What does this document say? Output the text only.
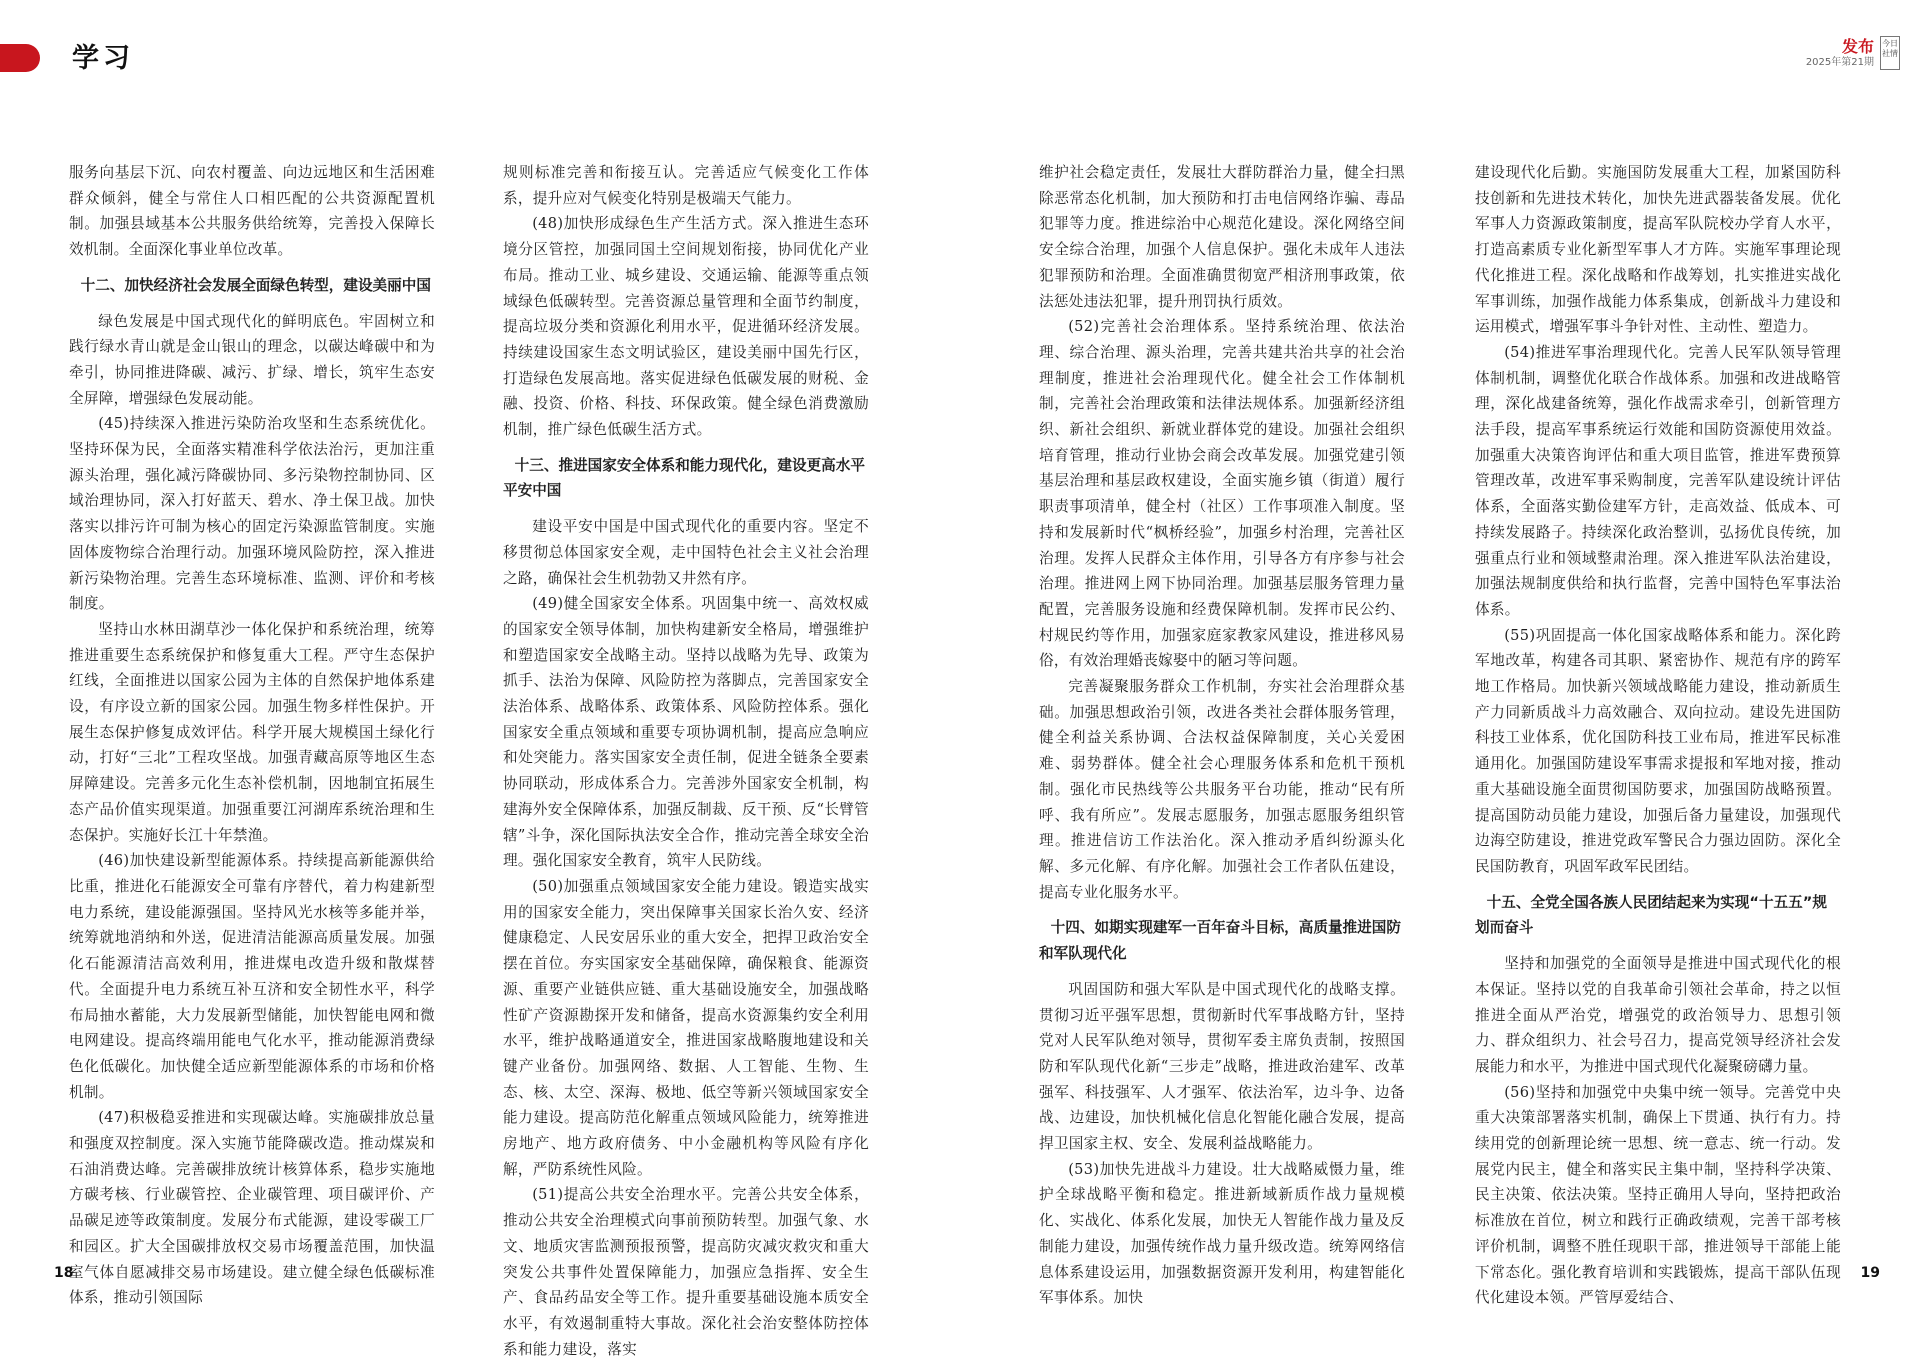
学习	发布
2025年第21期
今日社情

服务向基层下沉、向农村覆盖、向边远地区和生活困难群众倾斜，健全与常住人口相匹配的公共资源配置机制。加强县域基本公共服务供给统筹，完善投入保障长效机制。全面深化事业单位改革。

十二、加快经济社会发展全面绿色转型，建设美丽中国

绿色发展是中国式现代化的鲜明底色。牢固树立和践行绿水青山就是金山银山的理念，以碳达峰碳中和为牵引，协同推进降碳、减污、扩绿、增长，筑牢生态安全屏障，增强绿色发展动能。

(45)持续深入推进污染防治攻坚和生态系统优化。坚持环保为民，全面落实精准科学依法治污，更加注重源头治理，强化减污降碳协同、多污染物控制协同、区域治理协同，深入打好蓝天、碧水、净土保卫战。加快落实以排污许可制为核心的固定污染源监管制度。实施固体废物综合治理行动。加强环境风险防控，深入推进新污染物治理。完善生态环境标准、监测、评价和考核制度。

坚持山水林田湖草沙一体化保护和系统治理，统筹推进重要生态系统保护和修复重大工程。严守生态保护红线，全面推进以国家公园为主体的自然保护地体系建设，有序设立新的国家公园。加强生物多样性保护。开展生态保护修复成效评估。科学开展大规模国土绿化行动，打好“三北”工程攻坚战。加强青藏高原等地区生态屏障建设。完善多元化生态补偿机制，因地制宜拓展生态产品价值实现渠道。加强重要江河湖库系统治理和生态保护。实施好长江十年禁渔。

(46)加快建设新型能源体系。持续提高新能源供给比重，推进化石能源安全可靠有序替代，着力构建新型电力系统，建设能源强国。坚持风光水核等多能并举，统筹就地消纳和外送，促进清洁能源高质量发展。加强化石能源清洁高效利用，推进煤电改造升级和散煤替代。全面提升电力系统互补互济和安全韧性水平，科学布局抽水蓄能，大力发展新型储能，加快智能电网和微电网建设。提高终端用能电气化水平，推动能源消费绿色化低碳化。加快健全适应新型能源体系的市场和价格机制。

(47)积极稳妥推进和实现碳达峰。实施碳排放总量和强度双控制度。深入实施节能降碳改造。推动煤炭和石油消费达峰。完善碳排放统计核算体系，稳步实施地方碳考核、行业碳管控、企业碳管理、项目碳评价、产品碳足迹等政策制度。发展分布式能源，建设零碳工厂和园区。扩大全国碳排放权交易市场覆盖范围，加快温室气体自愿减排交易市场建设。建立健全绿色低碳标准体系，推动引领国际

规则标准完善和衔接互认。完善适应气候变化工作体系，提升应对气候变化特别是极端天气能力。

(48)加快形成绿色生产生活方式。深入推进生态环境分区管控，加强同国土空间规划衔接，协同优化产业布局。推动工业、城乡建设、交通运输、能源等重点领域绿色低碳转型。完善资源总量管理和全面节约制度，提高垃圾分类和资源化利用水平，促进循环经济发展。持续建设国家生态文明试验区，建设美丽中国先行区，打造绿色发展高地。落实促进绿色低碳发展的财税、金融、投资、价格、科技、环保政策。健全绿色消费激励机制，推广绿色低碳生活方式。

十三、推进国家安全体系和能力现代化，建设更高水平平安中国

建设平安中国是中国式现代化的重要内容。坚定不移贯彻总体国家安全观，走中国特色社会主义社会治理之路，确保社会生机勃勃又井然有序。

(49)健全国家安全体系。巩固集中统一、高效权威的国家安全领导体制，加快构建新安全格局，增强维护和塑造国家安全战略主动。坚持以战略为先导、政策为抓手、法治为保障、风险防控为落脚点，完善国家安全法治体系、战略体系、政策体系、风险防控体系。强化国家安全重点领域和重要专项协调机制，提高应急响应和处突能力。落实国家安全责任制，促进全链条全要素协同联动，形成体系合力。完善涉外国家安全机制，构建海外安全保障体系，加强反制裁、反干预、反“长臂管辖”斗争，深化国际执法安全合作，推动完善全球安全治理。强化国家安全教育，筑牢人民防线。

(50)加强重点领域国家安全能力建设。锻造实战实用的国家安全能力，突出保障事关国家长治久安、经济健康稳定、人民安居乐业的重大安全，把捍卫政治安全摆在首位。夯实国家安全基础保障，确保粮食、能源资源、重要产业链供应链、重大基础设施安全，加强战略性矿产资源勘探开发和储备，提高水资源集约安全利用水平，维护战略通道安全，推进国家战略腹地建设和关键产业备份。加强网络、数据、人工智能、生物、生态、核、太空、深海、极地、低空等新兴领域国家安全能力建设。提高防范化解重点领域风险能力，统筹推进房地产、地方政府债务、中小金融机构等风险有序化解，严防系统性风险。

(51)提高公共安全治理水平。完善公共安全体系，推动公共安全治理模式向事前预防转型。加强气象、水文、地质灾害监测预报预警，提高防灾减灾救灾和重大突发公共事件处置保障能力，加强应急指挥、安全生产、食品药品安全等工作。提升重要基础设施本质安全水平，有效遏制重特大事故。深化社会治安整体防控体系和能力建设，落实

维护社会稳定责任，发展壮大群防群治力量，健全扫黑除恶常态化机制，加大预防和打击电信网络诈骗、毒品犯罪等力度。推进综治中心规范化建设。深化网络空间安全综合治理，加强个人信息保护。强化未成年人违法犯罪预防和治理。全面准确贯彻宽严相济刑事政策，依法惩处违法犯罪，提升刑罚执行质效。

(52)完善社会治理体系。坚持系统治理、依法治理、综合治理、源头治理，完善共建共治共享的社会治理制度，推进社会治理现代化。健全社会工作体制机制，完善社会治理政策和法律法规体系。加强新经济组织、新社会组织、新就业群体党的建设。加强社会组织培育管理，推动行业协会商会改革发展。加强党建引领基层治理和基层政权建设，全面实施乡镇（街道）履行职责事项清单，健全村（社区）工作事项准入制度。坚持和发展新时代“枫桥经验”，加强乡村治理，完善社区治理。发挥人民群众主体作用，引导各方有序参与社会治理。推进网上网下协同治理。加强基层服务管理力量配置，完善服务设施和经费保障机制。发挥市民公约、村规民约等作用，加强家庭家教家风建设，推进移风易俗，有效治理婚丧嫁娶中的陋习等问题。

完善凝聚服务群众工作机制，夯实社会治理群众基础。加强思想政治引领，改进各类社会群体服务管理，健全利益关系协调、合法权益保障制度，关心关爱困难、弱势群体。健全社会心理服务体系和危机干预机制。强化市民热线等公共服务平台功能，推动“民有所呼、我有所应”。发展志愿服务，加强志愿服务组织管理。推进信访工作法治化。深入推动矛盾纠纷源头化解、多元化解、有序化解。加强社会工作者队伍建设，提高专业化服务水平。

十四、如期实现建军一百年奋斗目标，高质量推进国防和军队现代化

巩固国防和强大军队是中国式现代化的战略支撑。贯彻习近平强军思想，贯彻新时代军事战略方针，坚持党对人民军队绝对领导，贯彻军委主席负责制，按照国防和军队现代化新“三步走”战略，推进政治建军、改革强军、科技强军、人才强军、依法治军，边斗争、边备战、边建设，加快机械化信息化智能化融合发展，提高捍卫国家主权、安全、发展利益战略能力。

(53)加快先进战斗力建设。壮大战略威慑力量，维护全球战略平衡和稳定。推进新域新质作战力量规模化、实战化、体系化发展，加快无人智能作战力量及反制能力建设，加强传统作战力量升级改造。统筹网络信息体系建设运用，加强数据资源开发利用，构建智能化军事体系。加快

建设现代化后勤。实施国防发展重大工程，加紧国防科技创新和先进技术转化，加快先进武器装备发展。优化军事人力资源政策制度，提高军队院校办学育人水平，打造高素质专业化新型军事人才方阵。实施军事理论现代化推进工程。深化战略和作战筹划，扎实推进实战化军事训练，加强作战能力体系集成，创新战斗力建设和运用模式，增强军事斗争针对性、主动性、塑造力。

(54)推进军事治理现代化。完善人民军队领导管理体制机制，调整优化联合作战体系。加强和改进战略管理，深化战建备统筹，强化作战需求牵引，创新管理方法手段，提高军事系统运行效能和国防资源使用效益。加强重大决策咨询评估和重大项目监管，推进军费预算管理改革，改进军事采购制度，完善军队建设统计评估体系，全面落实勤俭建军方针，走高效益、低成本、可持续发展路子。持续深化政治整训，弘扬优良传统，加强重点行业和领域整肃治理。深入推进军队法治建设，加强法规制度供给和执行监督，完善中国特色军事法治体系。

(55)巩固提高一体化国家战略体系和能力。深化跨军地改革，构建各司其职、紧密协作、规范有序的跨军地工作格局。加快新兴领域战略能力建设，推动新质生产力同新质战斗力高效融合、双向拉动。建设先进国防科技工业体系，优化国防科技工业布局，推进军民标准通用化。加强国防建设军事需求提报和军地对接，推动重大基础设施全面贯彻国防要求，加强国防战略预置。提高国防动员能力建设，加强后备力量建设，加强现代边海空防建设，推进党政军警民合力强边固防。深化全民国防教育，巩固军政军民团结。

十五、全党全国各族人民团结起来为实现“十五五”规划而奋斗

坚持和加强党的全面领导是推进中国式现代化的根本保证。坚持以党的自我革命引领社会革命，持之以恒推进全面从严治党，增强党的政治领导力、思想引领力、群众组织力、社会号召力，提高党领导经济社会发展能力和水平，为推进中国式现代化凝聚磅礴力量。

(56)坚持和加强党中央集中统一领导。完善党中央重大决策部署落实机制，确保上下贯通、执行有力。持续用党的创新理论统一思想、统一意志、统一行动。发展党内民主，健全和落实民主集中制，坚持科学决策、民主决策、依法决策。坚持正确用人导向，坚持把政治标准放在首位，树立和践行正确政绩观，完善干部考核评价机制，调整不胜任现职干部，推进领导干部能上能下常态化。强化教育培训和实践锻炼，提高干部队伍现代化建设本领。严管厚爱结合、

18	19
